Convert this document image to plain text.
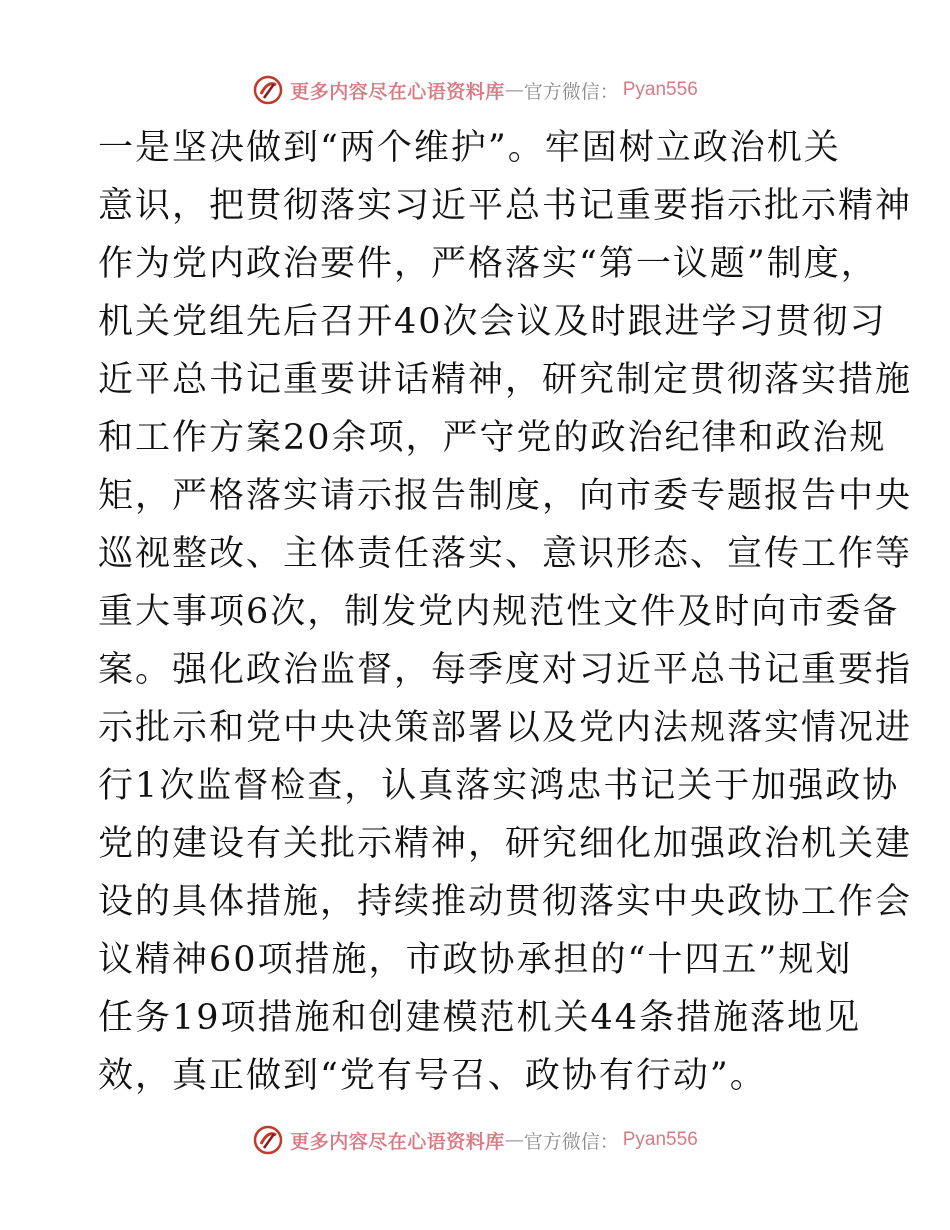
更多内容尽在心语资料库 — 官方微信： Pyan556
一是坚决做到“两个维护”。牢固树立政治机关
意识，把贯彻落实习近平总书记重要指示批示精神
作为党内政治要件，严格落实“第一议题”制度，
机关党组先后召开40次会议及时跟进学习贯彻习
近平总书记重要讲话精神，研究制定贯彻落实措施
和工作方案20余项，严守党的政治纪律和政治规
矩，严格落实请示报告制度，向市委专题报告中央
巡视整改、主体责任落实、意识形态、宣传工作等
重大事项6次，制发党内规范性文件及时向市委备
案。强化政治监督，每季度对习近平总书记重要指
示批示和党中央决策部署以及党内法规落实情况进
行1次监督检查，认真落实鸿忠书记关于加强政协
党的建设有关批示精神，研究细化加强政治机关建
设的具体措施，持续推动贯彻落实中央政协工作会
议精神60项措施，市政协承担的“十四五”规划
任务19项措施和创建模范机关44条措施落地见
效，真正做到“党有号召、政协有行动”。
更多内容尽在心语资料库 — 官方微信： Pyan556
